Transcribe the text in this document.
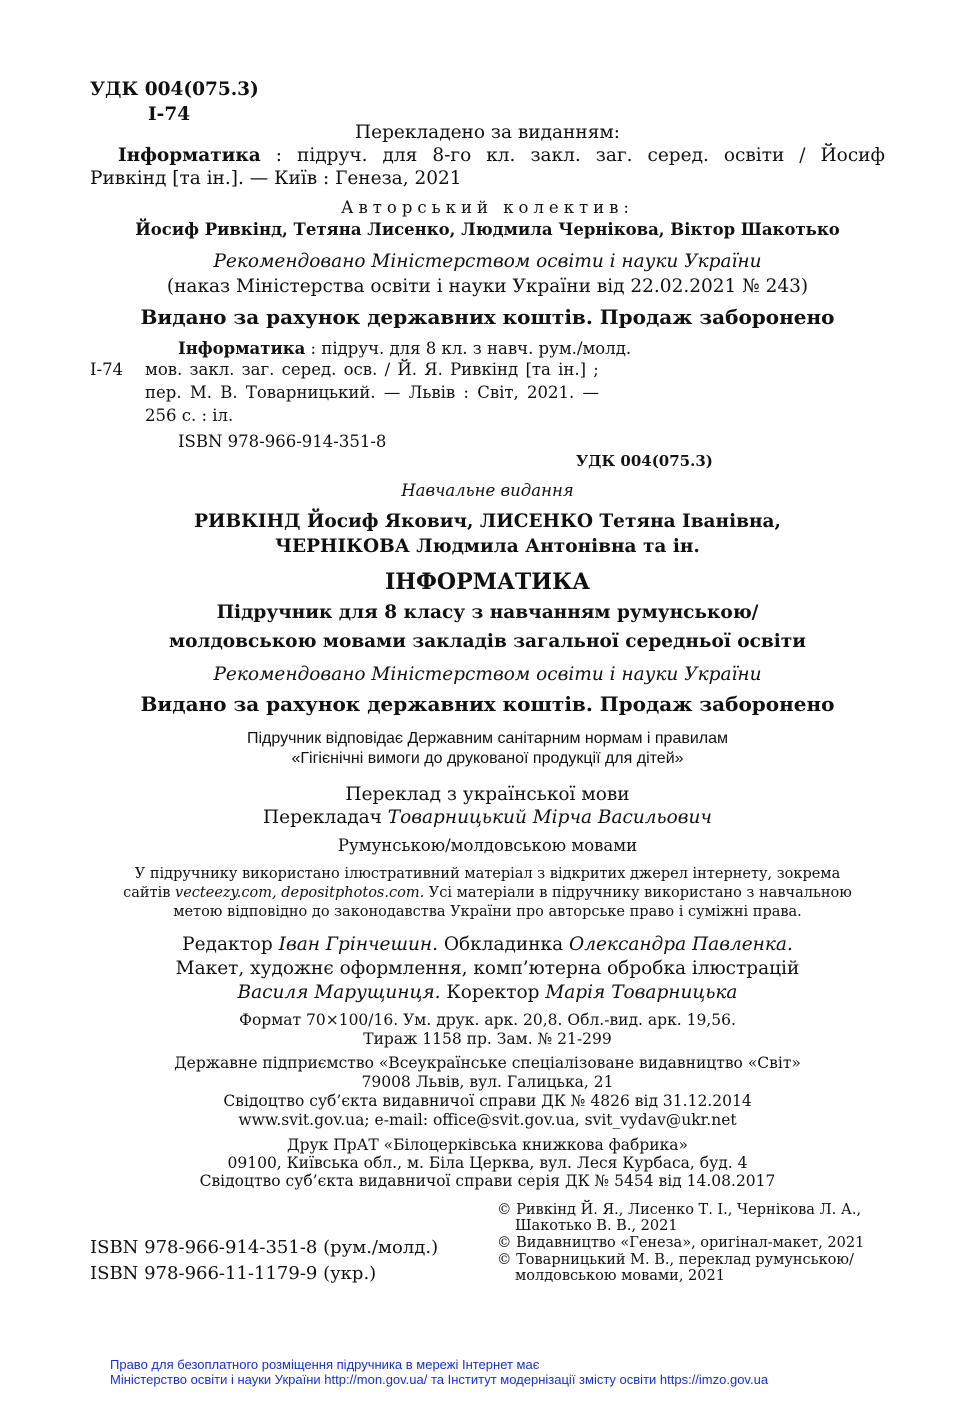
УДК 004(075.3)
І-74
Перекладено за виданням:
Інформатика : підруч. для 8-го кл. закл. заг. серед. освіти / Йосиф
Ривкінд [та ін.]. — Київ : Генеза, 2021
Авторський колектив:
Йосиф Ривкінд, Тетяна Лисенко, Людмила Чернікова, Віктор Шакотько
Рекомендовано Міністерством освіти і науки України
(наказ Міністерства освіти і науки України від 22.02.2021 № 243)
Видано за рахунок державних коштів. Продаж заборонено
Інформатика : підруч. для 8 кл. з навч. рум./молд.
І-74 мов. закл. заг. серед. осв. / Й. Я. Ривкінд [та ін.] ;
пер. М. В. Товарницький. — Львів : Світ, 2021. —
256 с. : іл.
ISBN 978-966-914-351-8
УДК 004(075.3)
Навчальне видання
РИВКІНД Йосиф Якович, ЛИСЕНКО Тетяна Іванівна,
ЧЕРНІКОВА Людмила Антонівна та ін.
ІНФОРМАТИКА
Підручник для 8 класу з навчанням румунською/
молдовською мовами закладів загальної середньої освіти
Рекомендовано Міністерством освіти і науки України
Видано за рахунок державних коштів. Продаж заборонено
Підручник відповідає Державним санітарним нормам і правилам
«Гігієнічні вимоги до друкованої продукції для дітей»
Переклад з української мови
Перекладач Товарницький Мірча Васильович
Румунською/молдовською мовами
У підручнику використано ілюстративний матеріал з відкритих джерел інтернету, зокрема
сайтів vecteezy.com, depositphotos.com. Усі матеріали в підручнику використано з навчальною
метою відповідно до законодавства України про авторське право і суміжні права.
Редактор Іван Грінчешин. Обкладинка Олександра Павленка.
Макет, художнє оформлення, комп’ютерна обробка ілюстрацій
Василя Марущинця. Коректор Марія Товарницька
Формат 70×100/16. Ум. друк. арк. 20,8. Обл.-вид. арк. 19,56.
Тираж 1158 пр. Зам. № 21-299
Державне підприємство «Всеукраїнське спеціалізоване видавництво «Світ»
79008 Львів, вул. Галицька, 21
Свідоцтво суб’єкта видавничої справи ДК № 4826 від 31.12.2014
www.svit.gov.ua; e-mail: office@svit.gov.ua, svit_vydav@ukr.net
Друк ПрАТ «Білоцерківська книжкова фабрика»
09100, Київська обл., м. Біла Церква, вул. Леся Курбаса, буд. 4
Свідоцтво суб’єкта видавничої справи серія ДК № 5454 від 14.08.2017
© Ривкінд Й. Я., Лисенко Т. І., Чернікова Л. А.,
Шакотько В. В., 2021
© Видавництво «Генеза», оригінал-макет, 2021
© Товарницький М. В., переклад румунською/
молдовською мовами, 2021
ISBN 978-966-914-351-8 (рум./молд.)
ISBN 978-966-11-1179-9 (укр.)
Право для безоплатного розміщення підручника в мережі Інтернет має
Міністерство освіти і науки України http://mon.gov.ua/ та Інститут модернізації змісту освіти https://imzo.gov.ua
